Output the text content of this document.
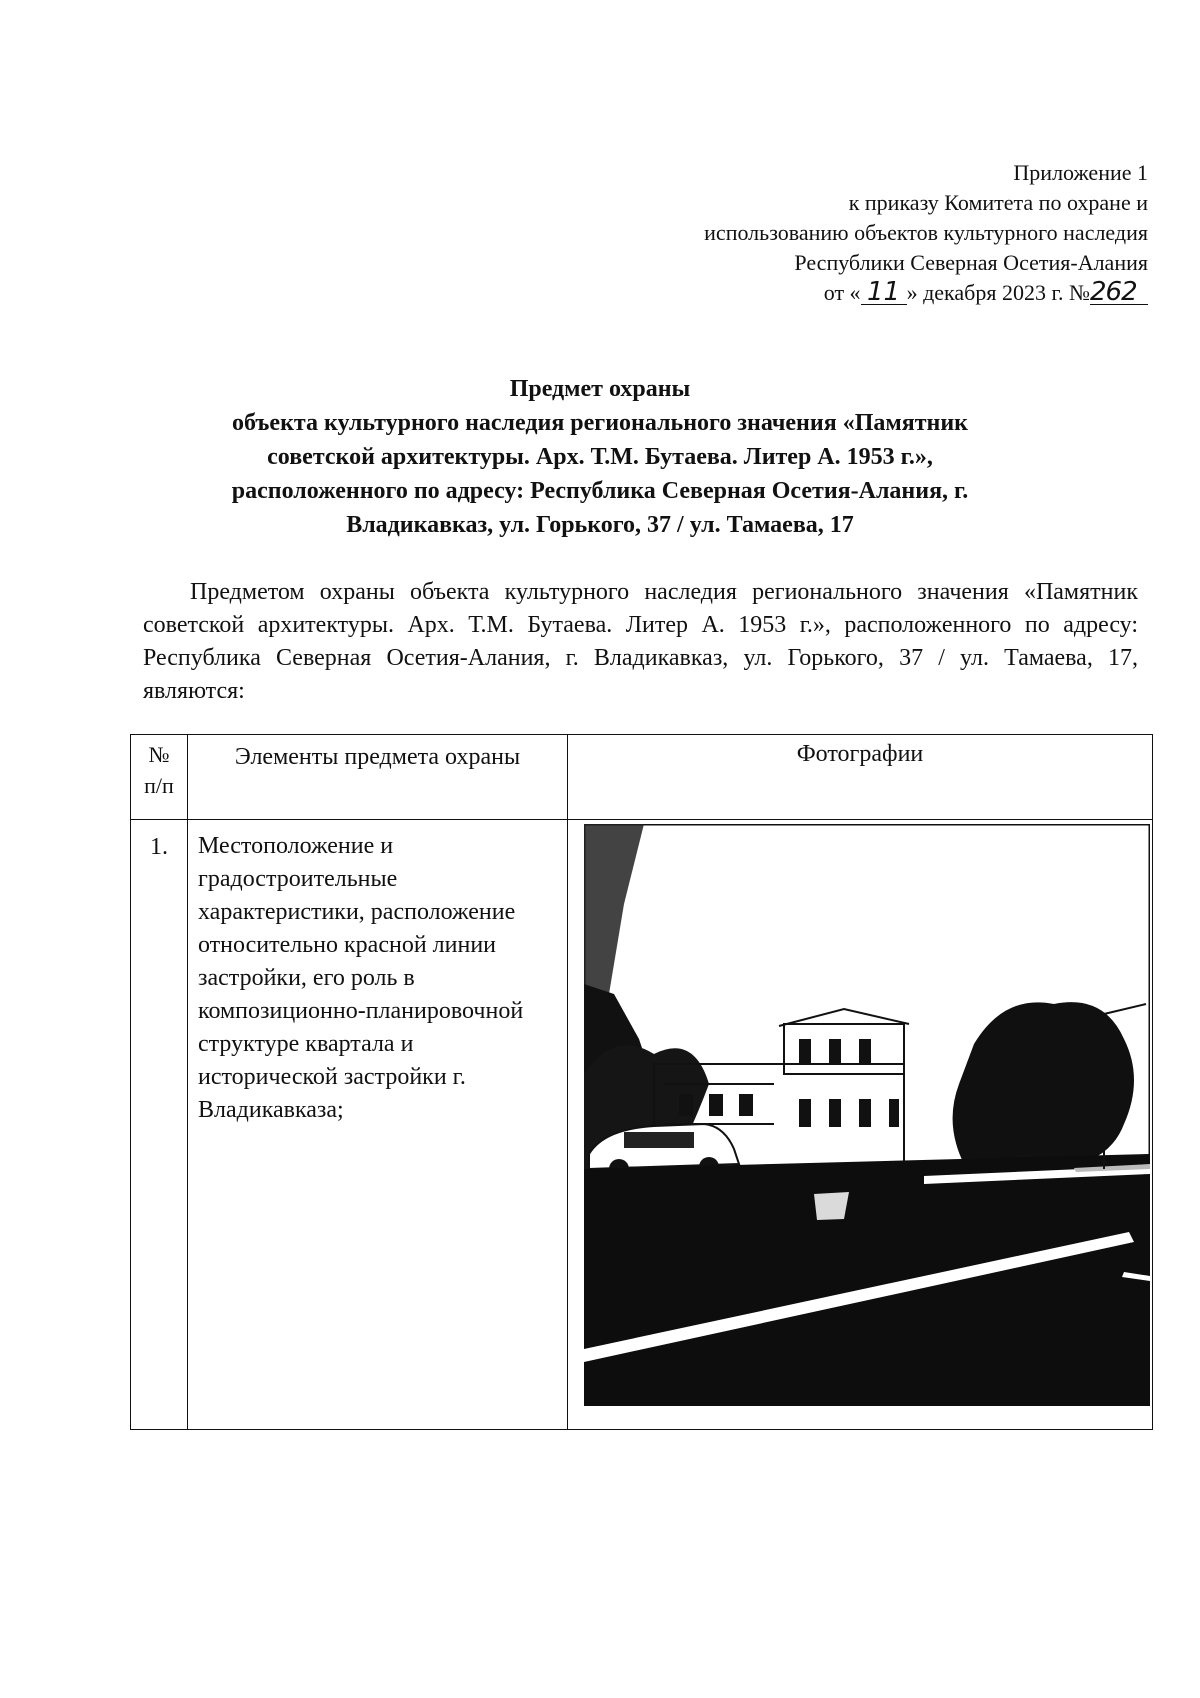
Приложение 1
к приказу Комитета по охране и
использованию объектов культурного наследия
Республики Северная Осетия-Алания
от « 11 » декабря 2023 г. №262
Предмет охраны
объекта культурного наследия регионального значения «Памятник
советской архитектуры. Арх. Т.М. Бутаева. Литер А. 1953 г.»,
расположенного по адресу: Республика Северная Осетия-Алания, г.
Владикавказ, ул. Горького, 37 / ул. Тамаева, 17

Предметом охраны объекта культурного наследия регионального значения «Памятник советской архитектуры. Арх. Т.М. Бутаева. Литер А. 1953 г.», расположенного по адресу: Республика Северная Осетия-Алания, г. Владикавказ, ул. Горького, 37 / ул. Тамаева, 17, являются:

№
п/п	Элементы предмета охраны	Фотографии
1.	Местоположение и градостроительные характеристики, расположение относительно красной линии застройки, его роль в композиционно-планировочной структуре квартала и исторической застройки г. Владикавказа;	
